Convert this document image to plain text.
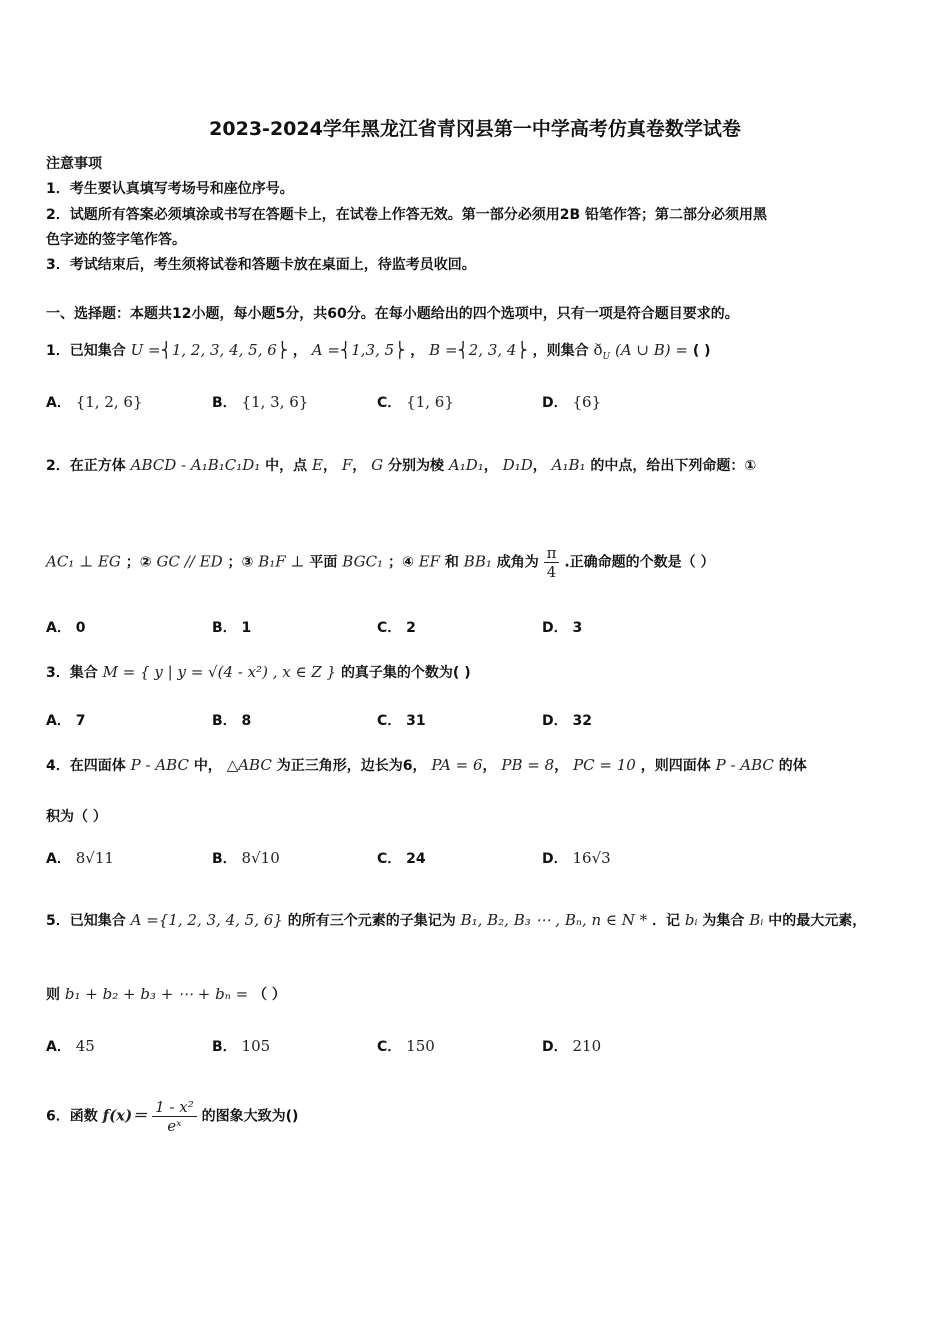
2023-2024学年黑龙江省青冈县第一中学高考仿真卷数学试卷
注意事项
1．考生要认真填写考场号和座位序号。
2．试题所有答案必须填涂或书写在答题卡上，在试卷上作答无效。第一部分必须用2B 铅笔作答；第二部分必须用黑
色字迹的签字笔作答。
3．考试结束后，考生须将试卷和答题卡放在桌面上，待监考员收回。
一、选择题：本题共12小题，每小题5分，共60分。在每小题给出的四个选项中，只有一项是符合题目要求的。
1．已知集合 U =⎨1, 2, 3, 4, 5, 6⎬ ， A =⎨1,3, 5⎬ ， B =⎨2, 3, 4⎬ ，则集合 $ð_U$ (A ∪ B) = ( )
A． {1, 2, 6}	B． {1, 3, 6}	C． {1, 6}	D． {6}
2．在正方体 ABCD - A₁B₁C₁D₁ 中，点 E， F， G 分别为棱 A₁D₁， D₁D， A₁B₁ 的中点，给出下列命题：①
AC₁ ⊥ EG ；② GC // ED ；③ B₁F ⊥ 平面 BGC₁ ；④ EF 和 BB₁ 成角为 $\frac{\pi}{4}$ .正确命题的个数是（ ）
A． 0	B． 1	C． 2	D． 3
3．集合 M = { y | y = √(4 - x²) , x ∈ Z } 的真子集的个数为( )
A． 7	B． 8	C． 31	D． 32
4．在四面体 P - ABC 中， △ABC 为正三角形，边长为6， PA = 6， PB = 8， PC = 10 ，则四面体 P - ABC 的体
积为（ ）
A． 8√11	B． 8√10	C． 24	D． 16√3
5．已知集合 A ={1, 2, 3, 4, 5, 6} 的所有三个元素的子集记为 B₁, B₂, B₃ ⋯ , Bₙ, n ∈ N * ．记 bᵢ 为集合 Bᵢ 中的最大元素，
则 b₁ + b₂ + b₃ + ⋯ + bₙ = （ ）
A． 45	B． 105	C． 150	D． 210
6．函数 $f(x)= \frac{\text{1 - x²}}{\text{eˣ}}$ 的图象大致为()
